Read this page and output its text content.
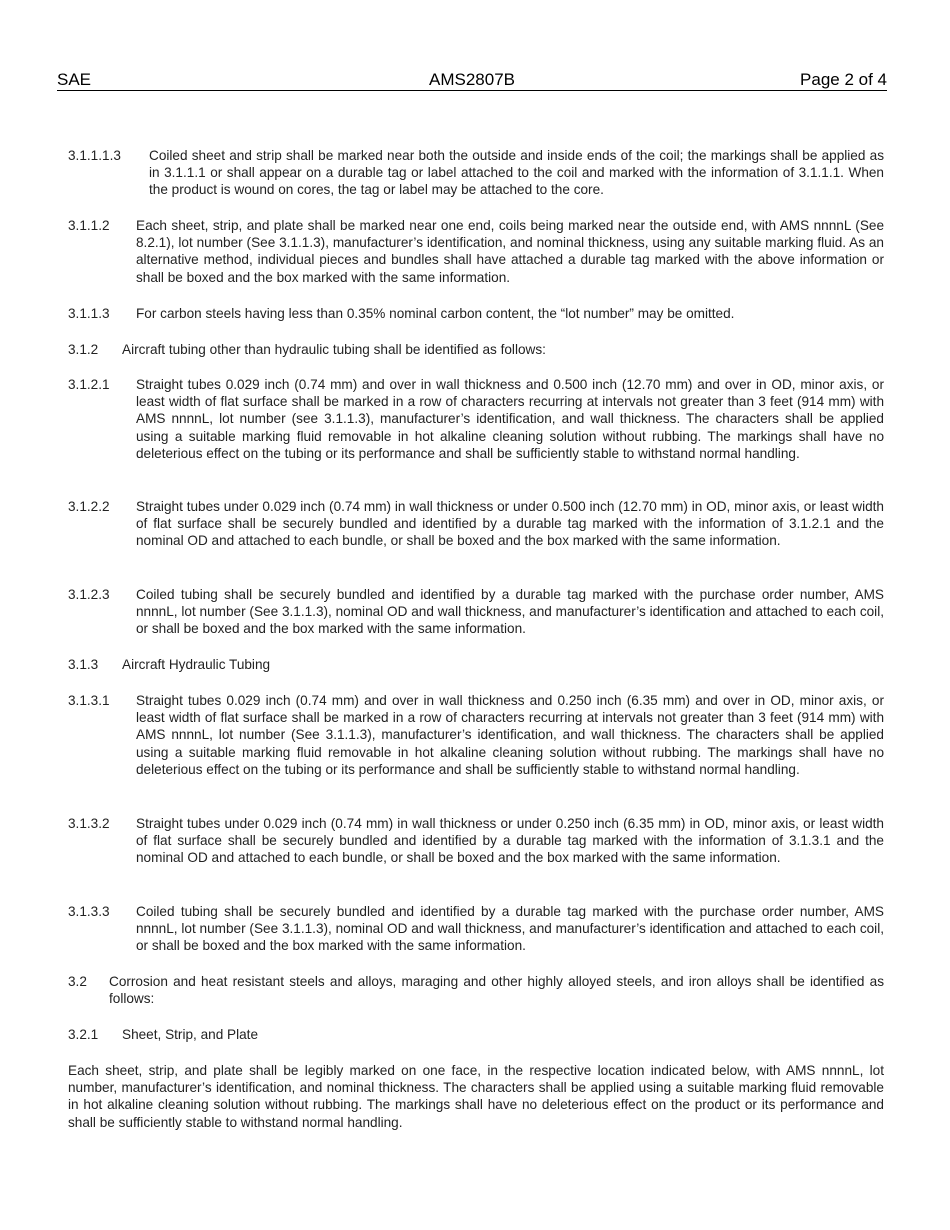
AMS2807B
SAE	Page 2 of 4
3.1.1.1.3 Coiled sheet and strip shall be marked near both the outside and inside ends of the coil; the markings shall be applied as in 3.1.1.1 or shall appear on a durable tag or label attached to the coil and marked with the information of 3.1.1.1. When the product is wound on cores, the tag or label may be attached to the core.
3.1.1.2 Each sheet, strip, and plate shall be marked near one end, coils being marked near the outside end, with AMS nnnnL (See 8.2.1), lot number (See 3.1.1.3), manufacturer’s identification, and nominal thickness, using any suitable marking fluid. As an alternative method, individual pieces and bundles shall have attached a durable tag marked with the above information or shall be boxed and the box marked with the same information.
3.1.1.3 For carbon steels having less than 0.35% nominal carbon content, the “lot number” may be omitted.
3.1.2 Aircraft tubing other than hydraulic tubing shall be identified as follows:
3.1.2.1 Straight tubes 0.029 inch (0.74 mm) and over in wall thickness and 0.500 inch (12.70 mm) and over in OD, minor axis, or least width of flat surface shall be marked in a row of characters recurring at intervals not greater than 3 feet (914 mm) with AMS nnnnL, lot number (see 3.1.1.3), manufacturer’s identification, and wall thickness. The characters shall be applied using a suitable marking fluid removable in hot alkaline cleaning solution without rubbing. The markings shall have no deleterious effect on the tubing or its performance and shall be sufficiently stable to withstand normal handling.
3.1.2.2 Straight tubes under 0.029 inch (0.74 mm) in wall thickness or under 0.500 inch (12.70 mm) in OD, minor axis, or least width of flat surface shall be securely bundled and identified by a durable tag marked with the information of 3.1.2.1 and the nominal OD and attached to each bundle, or shall be boxed and the box marked with the same information.
3.1.2.3 Coiled tubing shall be securely bundled and identified by a durable tag marked with the purchase order number, AMS nnnnL, lot number (See 3.1.1.3), nominal OD and wall thickness, and manufacturer’s identification and attached to each coil, or shall be boxed and the box marked with the same information.
3.1.3 Aircraft Hydraulic Tubing
3.1.3.1 Straight tubes 0.029 inch (0.74 mm) and over in wall thickness and 0.250 inch (6.35 mm) and over in OD, minor axis, or least width of flat surface shall be marked in a row of characters recurring at intervals not greater than 3 feet (914 mm) with AMS nnnnL, lot number (See 3.1.1.3), manufacturer’s identification, and wall thickness. The characters shall be applied using a suitable marking fluid removable in hot alkaline cleaning solution without rubbing. The markings shall have no deleterious effect on the tubing or its performance and shall be sufficiently stable to withstand normal handling.
3.1.3.2 Straight tubes under 0.029 inch (0.74 mm) in wall thickness or under 0.250 inch (6.35 mm) in OD, minor axis, or least width of flat surface shall be securely bundled and identified by a durable tag marked with the information of 3.1.3.1 and the nominal OD and attached to each bundle, or shall be boxed and the box marked with the same information.
3.1.3.3 Coiled tubing shall be securely bundled and identified by a durable tag marked with the purchase order number, AMS nnnnL, lot number (See 3.1.1.3), nominal OD and wall thickness, and manufacturer’s identification and attached to each coil, or shall be boxed and the box marked with the same information.
3.2 Corrosion and heat resistant steels and alloys, maraging and other highly alloyed steels, and iron alloys shall be identified as follows:
3.2.1 Sheet, Strip, and Plate
Each sheet, strip, and plate shall be legibly marked on one face, in the respective location indicated below, with AMS nnnnL, lot number, manufacturer’s identification, and nominal thickness. The characters shall be applied using a suitable marking fluid removable in hot alkaline cleaning solution without rubbing. The markings shall have no deleterious effect on the product or its performance and shall be sufficiently stable to withstand normal handling.
